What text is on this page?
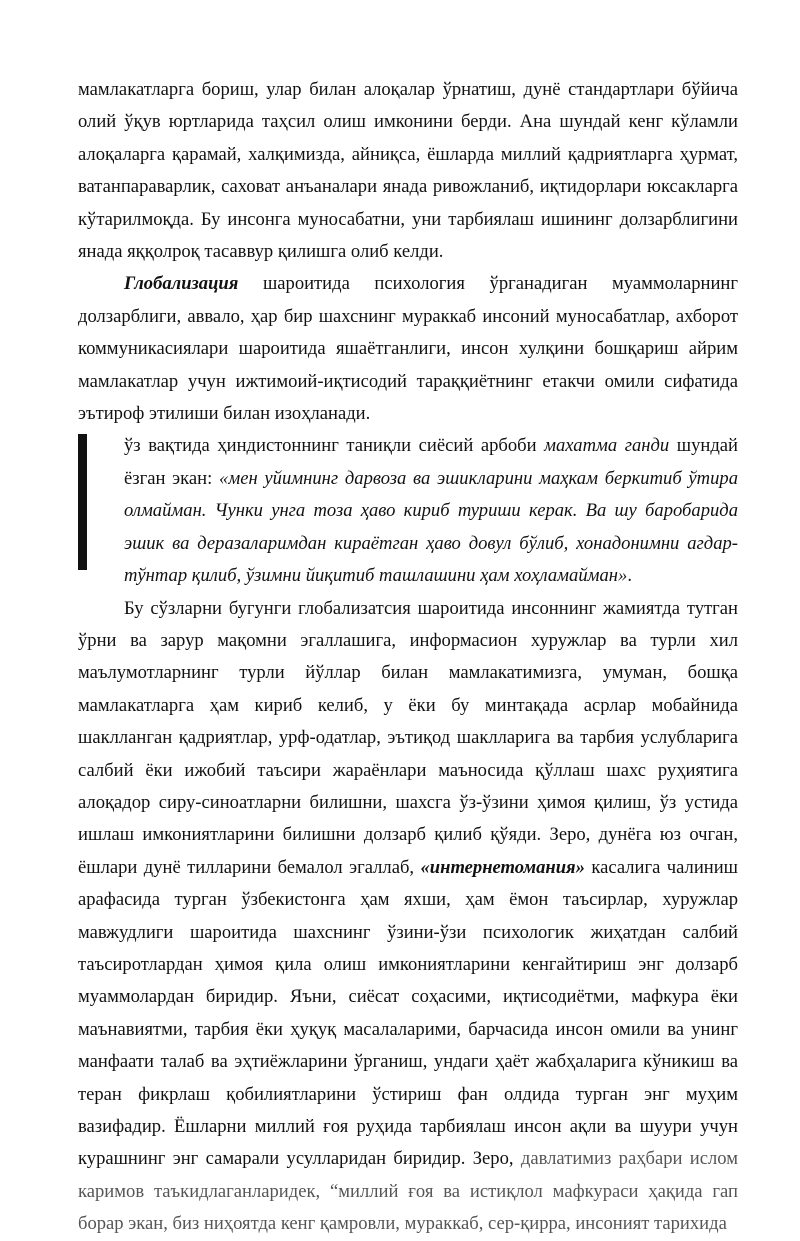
мамлакатларга бориш, улар билан алоқалар ўрнатиш, дунё стандартлари бўйича олий ўқув юртларида таҳсил олиш имконини берди. Ана шундай кенг кўламли алоқаларга қарамай, халқимизда, айниқса, ёшларда миллий қадриятларга ҳурмат, ватанпараварлик, саховат анъаналари янада ривожланиб, иқтидорлари юксакларга кўтарилмоқда. Бу инсонга муносабатни, уни тарбиялаш ишининг долзарблигини янада яққолроқ тасаввур қилишга олиб келди.

Глобализация шароитида психология ўрганадиган муаммоларнинг долзарблиги, аввало, ҳар бир шахснинг мураккаб инсоний муносабатлар, ахборот коммуникасиялари шароитида яшаётганлиги, инсон хулқини бошқариш айрим мамлакатлар учун ижтимоий-иқтисодий тараққиётнинг етакчи омили сифатида эътироф этилиши билан изоҳланади.

ўз вақтида ҳиндистоннинг таниқли сиёсий арбоби махатма ганди шундай ёзган экан: «мен уйимнинг дарвоза ва эшикларини маҳкам беркитиб ўтира олмайман. Чунки унга тоза ҳаво кириб туриши керак. Ва шу баробарида эшик ва деразаларимдан кираётган ҳаво довул бўлиб, хонадонимни агдар-тўнтар қилиб, ўзимни йиқитиб ташлашини ҳам хоҳламайман».

Бу сўзларни бугунги глобализатсия шароитида инсоннинг жамиятда тутган ўрни ва зарур мақомни эгаллашига, информасион хуружлар ва турли хил маълумотларнинг турли йўллар билан мамлакатимизга, умуман, бошқа мамлакатларга ҳам кириб келиб, у ёки бу минтақада асрлар мобайнида шаклланган қадриятлар, урф-одатлар, эътиқод шаклларига ва тарбия услубларига салбий ёки ижобий таъсири жараёнлари маъносида қўллаш шахс руҳиятига алоқадор сиру-синоатларни билишни, шахсга ўз-ўзини ҳимоя қилиш, ўз устида ишлаш имкониятларини билишни долзарб қилиб қўяди. Зеро, дунёга юз очган, ёшлари дунё тилларини бемалол эгаллаб, «интернетомания» касалига чалиниш арафасида турган ўзбекистонга ҳам яхши, ҳам ёмон таъсирлар, хуружлар мавжудлиги шароитида шахснинг ўзини-ўзи психологик жиҳатдан салбий таъсиротлардан ҳимоя қила олиш имкониятларини кенгайтириш энг долзарб муаммолардан биридир. Яъни, сиёсат соҳасими, иқтисодиётми, мафкура ёки маънавиятми, тарбия ёки ҳуқуқ масалаларими, барчасида инсон омили ва унинг манфаати талаб ва эҳтиёжларини ўрганиш, ундаги ҳаёт жабҳаларига кўникиш ва теран фикрлаш қобилиятларини ўстириш фан олдида турган энг муҳим вазифадир. Ёшларни миллий ғоя руҳида тарбиялаш инсон ақли ва шуури учун курашнинг энг самарали усулларидан биридир. Зеро, давлатимиз раҳбари ислом каримов таъкидлаганларидек, “миллий ғоя ва истиқлол мафкураси ҳақида гап борар экан, биз ниҳоятда кенг қамровли, мураккаб, сер-қирра, инсоният тарихида
